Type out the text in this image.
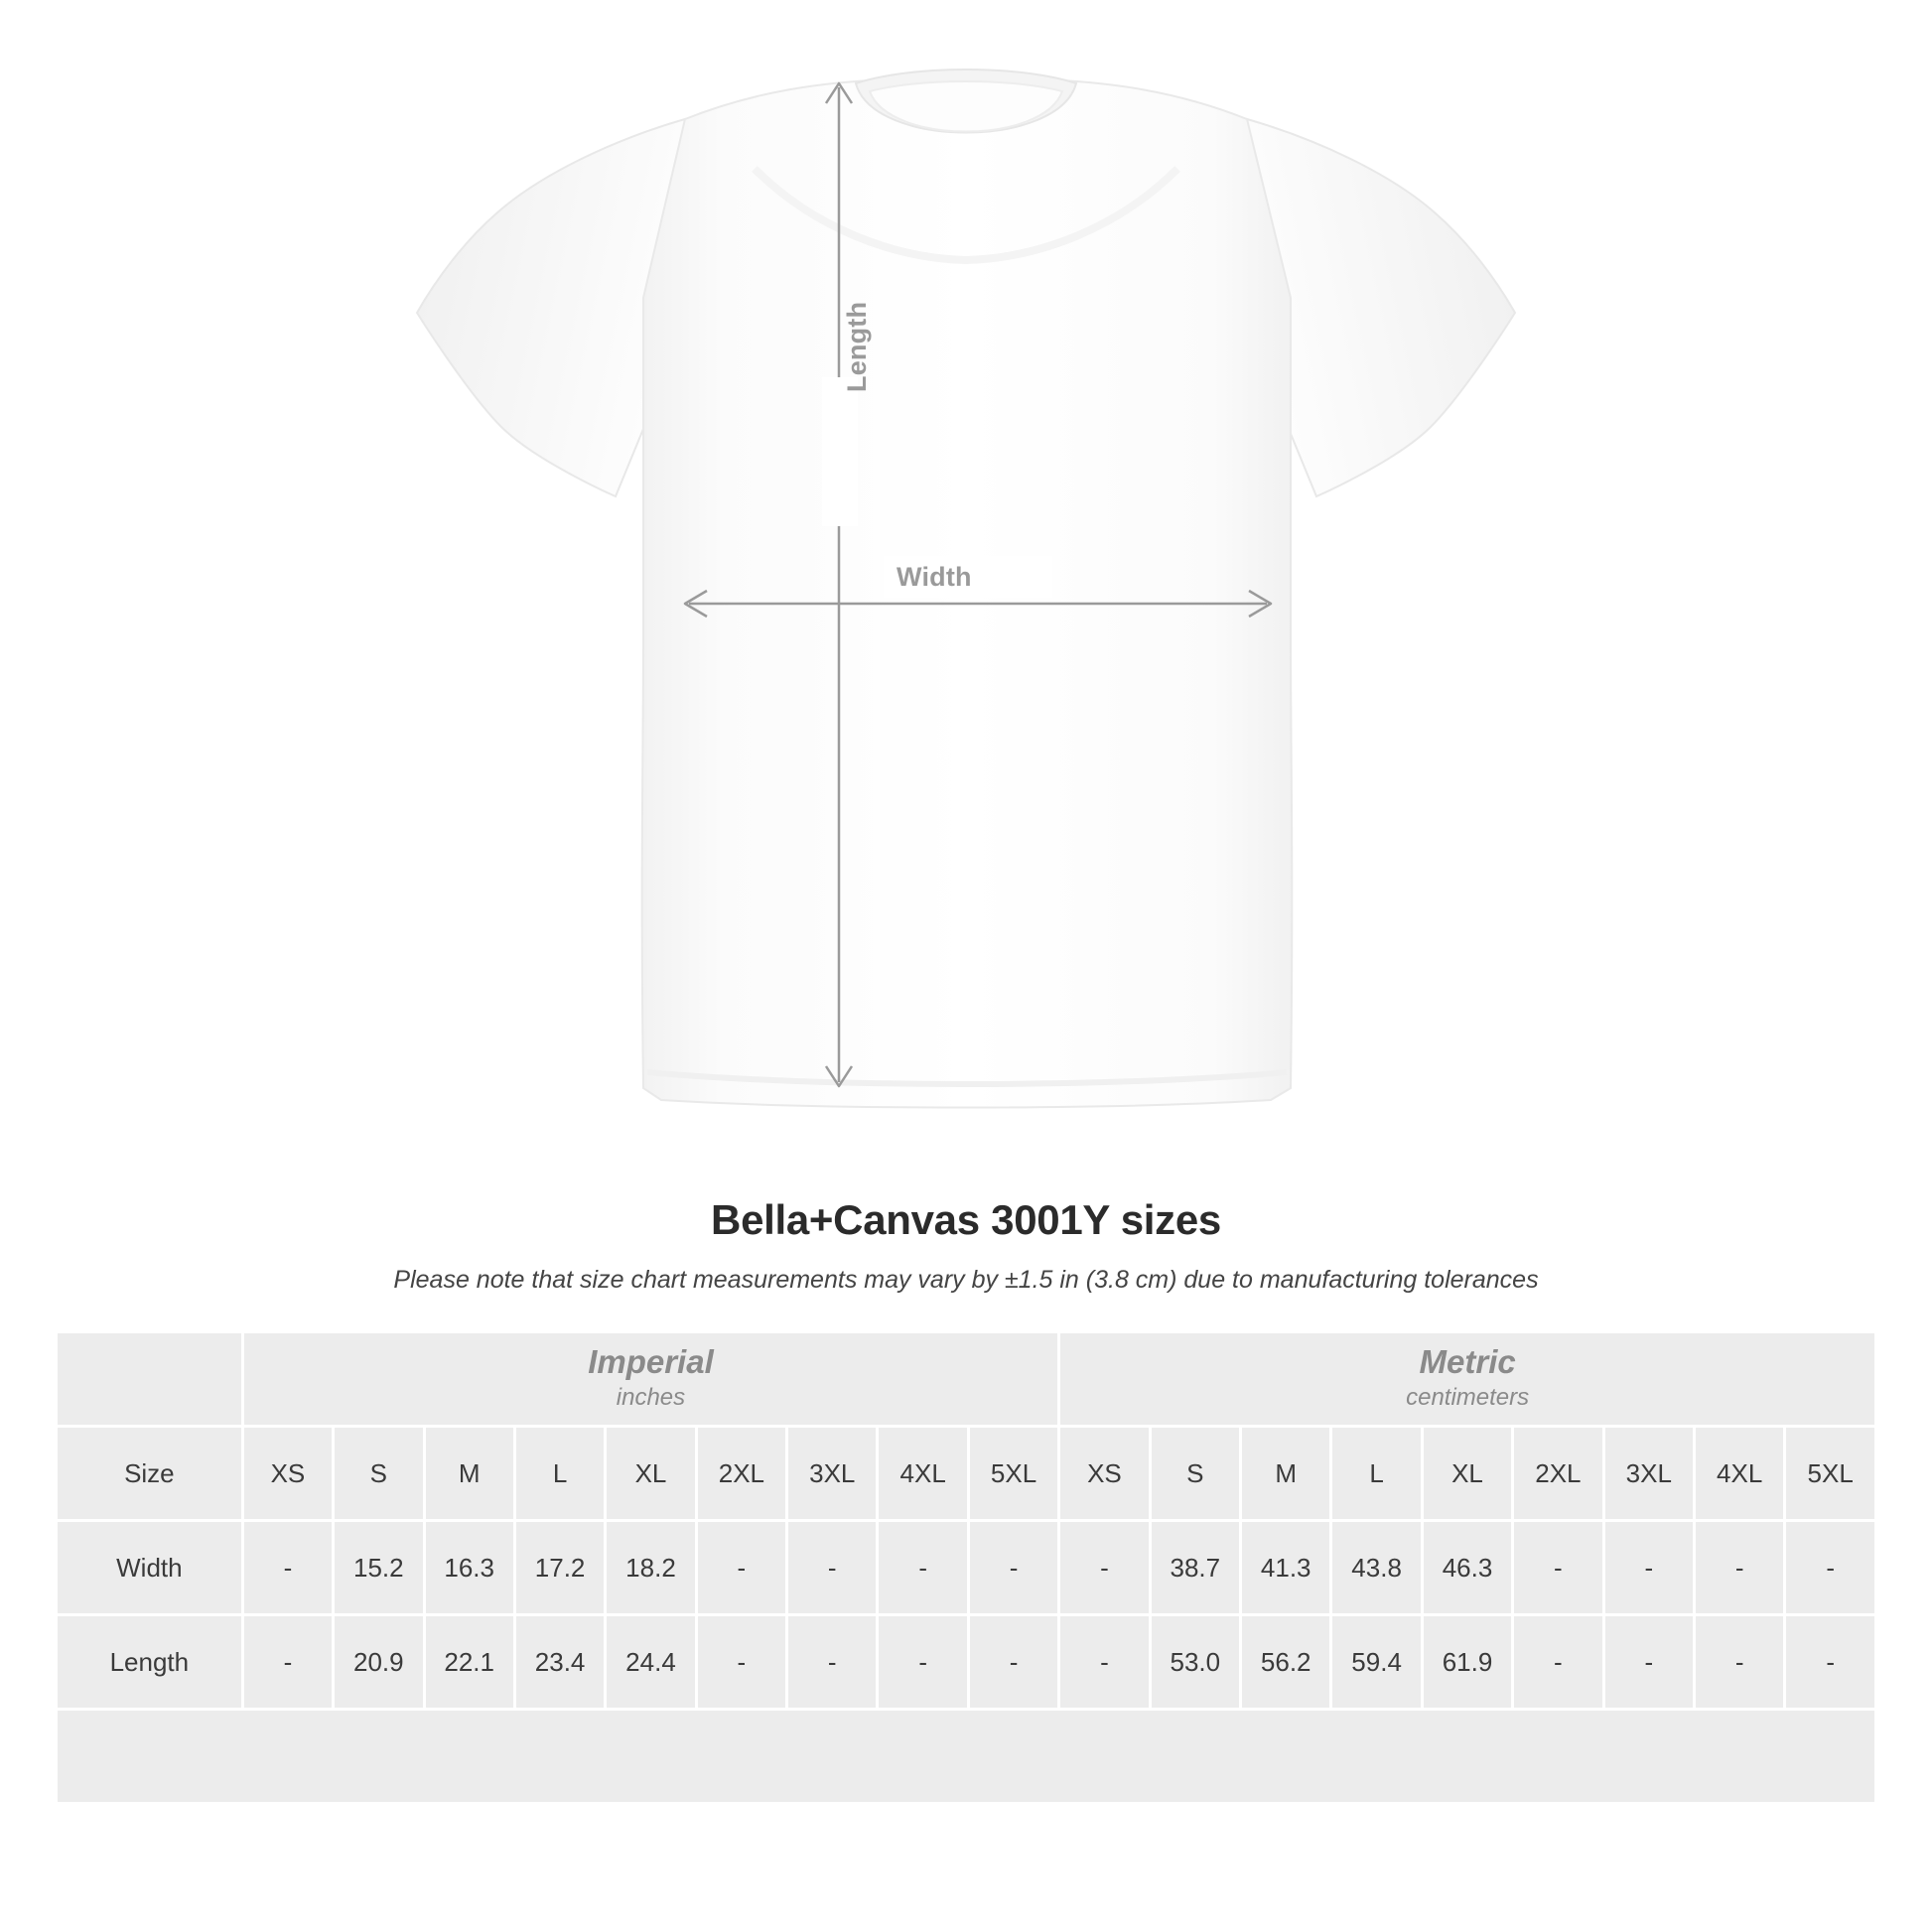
Length
Width
Bella+Canvas 3001Y sizes
Please note that size chart measurements may vary by ±1.5 in (3.8 cm) due to manufacturing tolerances

Imperial
inches

Metric
centimeters

Size	XS	S	M	L	XL	2XL	3XL	4XL	5XL	XS	S	M	L	XL	2XL	3XL	4XL	5XL
Width	-	15.2	16.3	17.2	18.2	-	-	-	-	-	38.7	41.3	43.8	46.3	-	-	-	-
Length	-	20.9	22.1	23.4	24.4	-	-	-	-	-	53.0	56.2	59.4	61.9	-	-	-	-
